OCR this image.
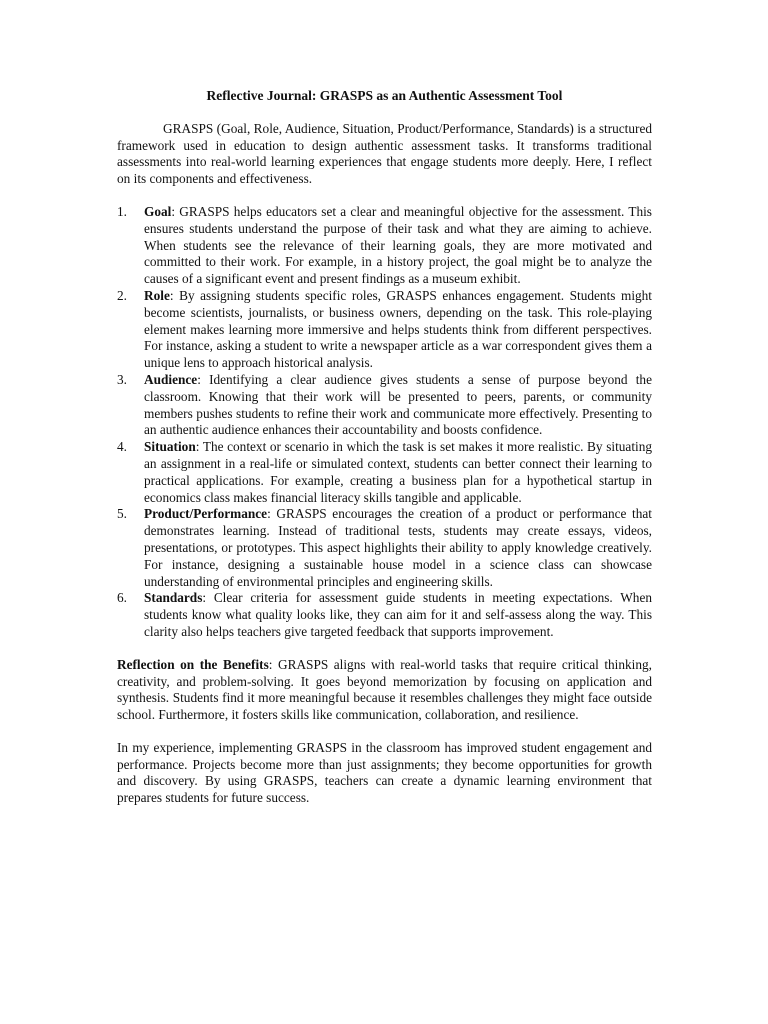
Reflective Journal: GRASPS as an Authentic Assessment Tool

GRASPS (Goal, Role, Audience, Situation, Product/Performance, Standards) is a structured framework used in education to design authentic assessment tasks. It transforms traditional assessments into real-world learning experiences that engage students more deeply. Here, I reflect on its components and effectiveness.

1. Goal: GRASPS helps educators set a clear and meaningful objective for the assessment. This ensures students understand the purpose of their task and what they are aiming to achieve. When students see the relevance of their learning goals, they are more motivated and committed to their work. For example, in a history project, the goal might be to analyze the causes of a significant event and present findings as a museum exhibit.
2. Role: By assigning students specific roles, GRASPS enhances engagement. Students might become scientists, journalists, or business owners, depending on the task. This role-playing element makes learning more immersive and helps students think from different perspectives. For instance, asking a student to write a newspaper article as a war correspondent gives them a unique lens to approach historical analysis.
3. Audience: Identifying a clear audience gives students a sense of purpose beyond the classroom. Knowing that their work will be presented to peers, parents, or community members pushes students to refine their work and communicate more effectively. Presenting to an authentic audience enhances their accountability and boosts confidence.
4. Situation: The context or scenario in which the task is set makes it more realistic. By situating an assignment in a real-life or simulated context, students can better connect their learning to practical applications. For example, creating a business plan for a hypothetical startup in economics class makes financial literacy skills tangible and applicable.
5. Product/Performance: GRASPS encourages the creation of a product or performance that demonstrates learning. Instead of traditional tests, students may create essays, videos, presentations, or prototypes. This aspect highlights their ability to apply knowledge creatively. For instance, designing a sustainable house model in a science class can showcase understanding of environmental principles and engineering skills.
6. Standards: Clear criteria for assessment guide students in meeting expectations. When students know what quality looks like, they can aim for it and self-assess along the way. This clarity also helps teachers give targeted feedback that supports improvement.

Reflection on the Benefits: GRASPS aligns with real-world tasks that require critical thinking, creativity, and problem-solving. It goes beyond memorization by focusing on application and synthesis. Students find it more meaningful because it resembles challenges they might face outside school. Furthermore, it fosters skills like communication, collaboration, and resilience.

In my experience, implementing GRASPS in the classroom has improved student engagement and performance. Projects become more than just assignments; they become opportunities for growth and discovery. By using GRASPS, teachers can create a dynamic learning environment that prepares students for future success.
